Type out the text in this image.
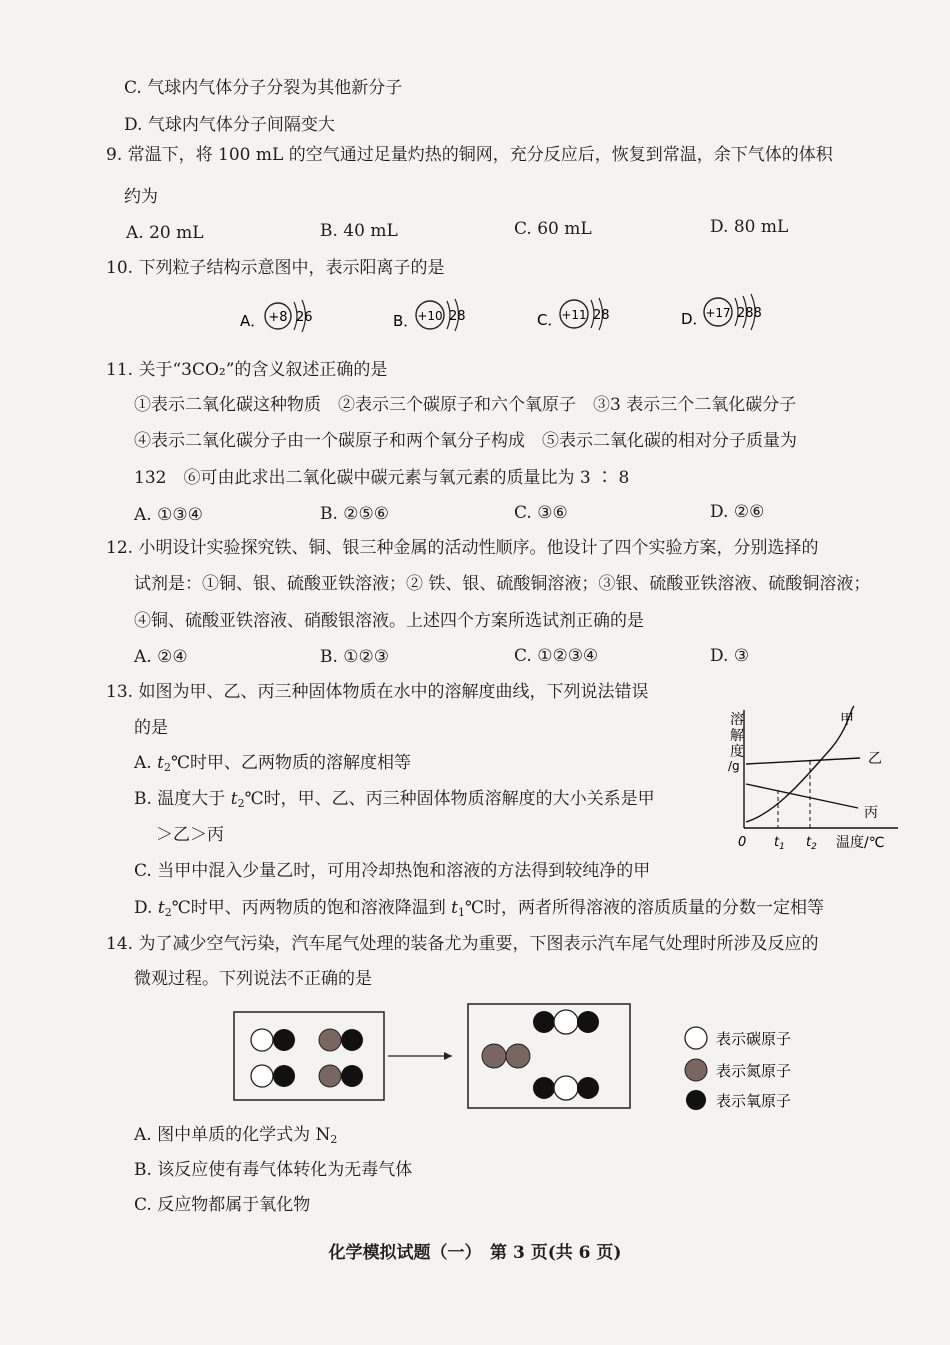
C. 气球内气体分子分裂为其他新分子
D. 气球内气体分子间隔变大
9. 常温下，将 100 mL 的空气通过足量灼热的铜网，充分反应后，恢复到常温，余下气体的体积
约为
A. 20 mL	B. 40 mL	C. 60 mL	D. 80 mL
10. 下列粒子结构示意图中，表示阳离子的是
A． +8 26	B． +10 28	C．
+11 28	D．
+17 288
11. 关于“3CO₂”的含义叙述正确的是
①表示二氧化碳这种物质　②表示三个碳原子和六个氧原子　③3 表示三个二氧化碳分子
④表示二氧化碳分子由一个碳原子和两个氧分子构成　⑤表示二氧化碳的相对分子质量为
132　⑥可由此求出二氧化碳中碳元素与氧元素的质量比为 3 ∶ 8
A. ①③④	B. ②⑤⑥	C. ③⑥	D. ②⑥
12. 小明设计实验探究铁、铜、银三种金属的活动性顺序。他设计了四个实验方案，分别选择的
试剂是：①铜、银、硫酸亚铁溶液；② 铁、银、硫酸铜溶液；③银、硫酸亚铁溶液、硫酸铜溶液；
④铜、硫酸亚铁溶液、硝酸银溶液。上述四个方案所选试剂正确的是
A. ②④	B. ①②③	C. ①②③④	D. ③
13. 如图为甲、乙、丙三种固体物质在水中的溶解度曲线，下列说法错误
的是
A. $t_2℃$时甲、乙两物质的溶解度相等
B. 温度大于 $t_2℃$时，甲、乙、丙三种固体物质溶解度的大小关系是甲
＞乙＞丙
C. 当甲中混入少量乙时，可用冷却热饱和溶液的方法得到较纯净的甲
D. $t_2℃$时甲、丙两物质的饱和溶液降温到 $t_1℃$时，两者所得溶液的溶质质量的分数一定相等
溶
解
度
/g
甲
乙
丙
0 $t_1$ $t_2$ 温度/℃
14. 为了减少空气污染，汽车尾气处理的装备尤为重要，下图表示汽车尾气处理时所涉及反应的
微观过程。下列说法不正确的是
表示碳原子
表示氮原子
表示氧原子
A. 图中单质的化学式为 $N_2$
B. 该反应使有毒气体转化为无毒气体
C. 反应物都属于氧化物
化学模拟试题（一）　第 3 页(共 6 页)
